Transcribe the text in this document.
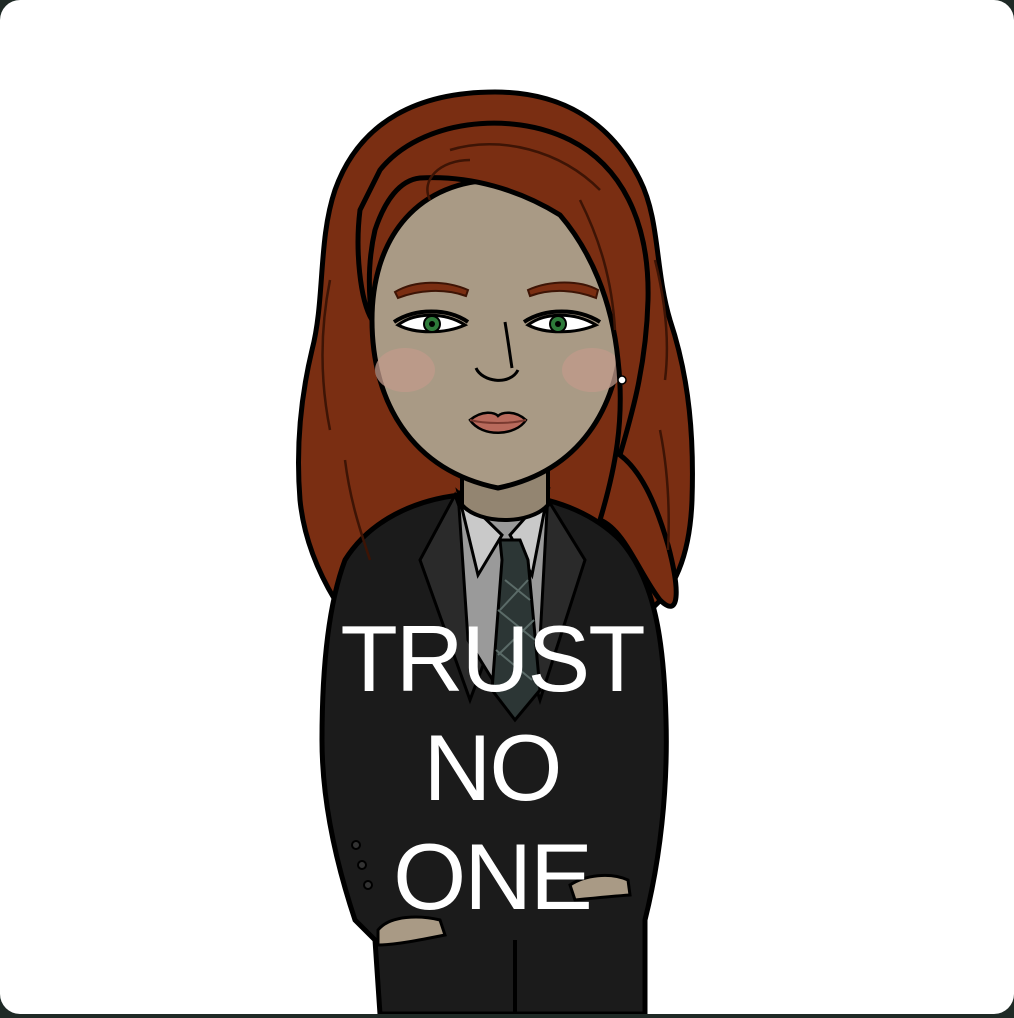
TRUST
NO
ONE
